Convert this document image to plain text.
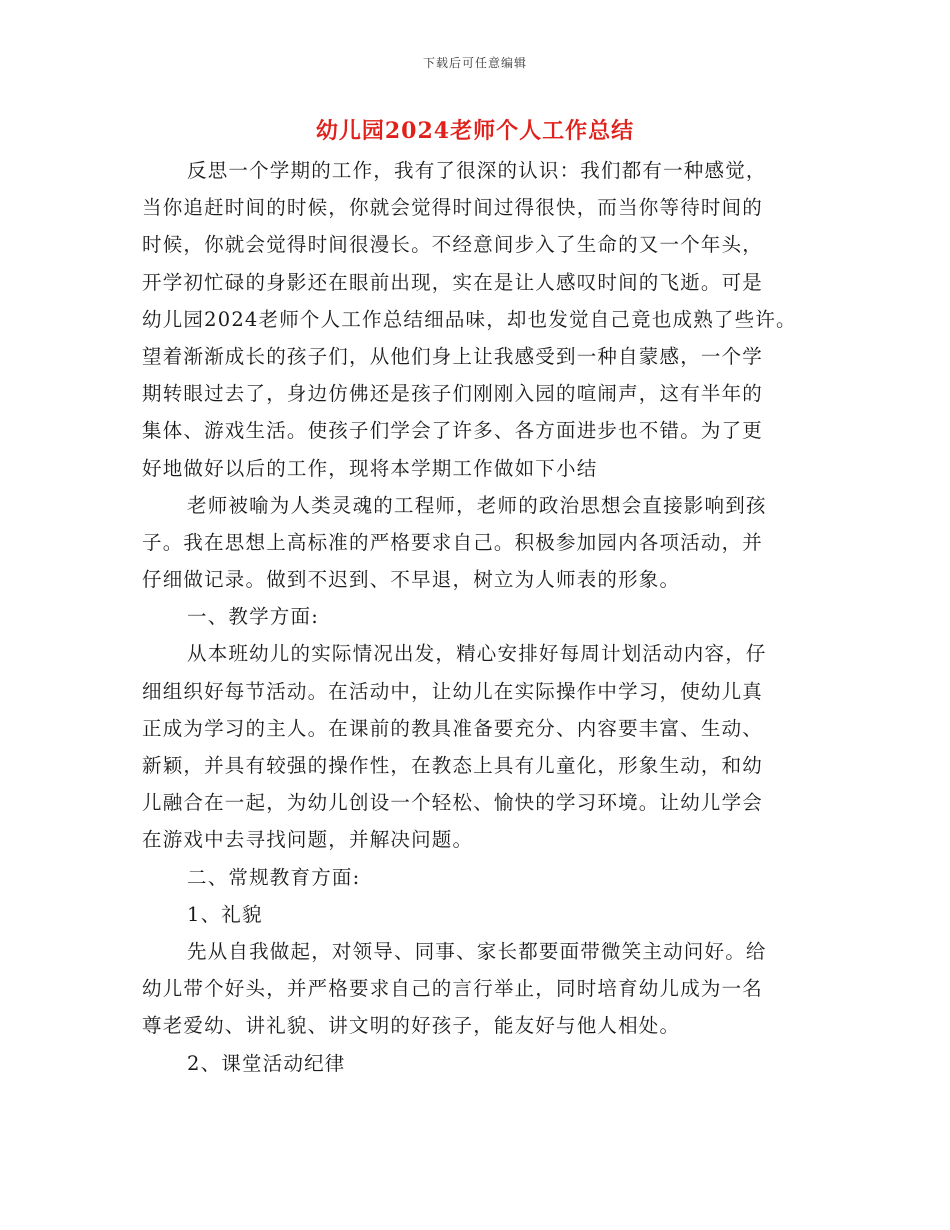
下载后可任意编辑
幼儿园2024老师个人工作总结
反思一个学期的工作，我有了很深的认识：我们都有一种感觉，
当你追赶时间的时候，你就会觉得时间过得很快，而当你等待时间的
时候，你就会觉得时间很漫长。不经意间步入了生命的又一个年头，
开学初忙碌的身影还在眼前出现，实在是让人感叹时间的飞逝。可是
幼儿园2024老师个人工作总结细品味，却也发觉自己竟也成熟了些许。
望着渐渐成长的孩子们，从他们身上让我感受到一种自蒙感，一个学
期转眼过去了，身边仿佛还是孩子们刚刚入园的喧闹声，这有半年的
集体、游戏生活。使孩子们学会了许多、各方面进步也不错。为了更
好地做好以后的工作，现将本学期工作做如下小结
老师被喻为人类灵魂的工程师，老师的政治思想会直接影响到孩
子。我在思想上高标准的严格要求自己。积极参加园内各项活动，并
仔细做记录。做到不迟到、不早退，树立为人师表的形象。
一、教学方面:
从本班幼儿的实际情况出发，精心安排好每周计划活动内容，仔
细组织好每节活动。在活动中，让幼儿在实际操作中学习，使幼儿真
正成为学习的主人。在课前的教具准备要充分、内容要丰富、生动、
新颖，并具有较强的操作性，在教态上具有儿童化，形象生动，和幼
儿融合在一起，为幼儿创设一个轻松、愉快的学习环境。让幼儿学会
在游戏中去寻找问题，并解决问题。
二、常规教育方面:
1、礼貌
先从自我做起，对领导、同事、家长都要面带微笑主动问好。给
幼儿带个好头，并严格要求自己的言行举止，同时培育幼儿成为一名
尊老爱幼、讲礼貌、讲文明的好孩子，能友好与他人相处。
2、课堂活动纪律
